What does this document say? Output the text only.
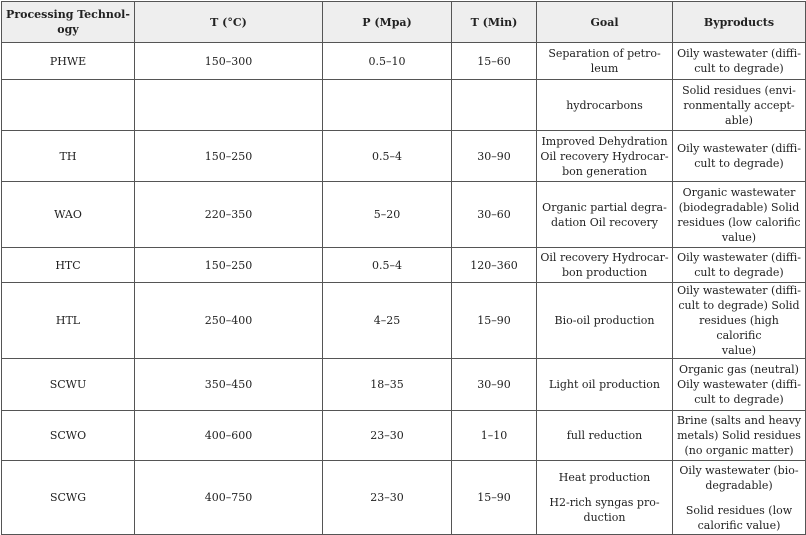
Processing Technol-ogy	T (°C)	P (Mpa)	T (Min)	Goal	Byproducts
PHWE	150–300	0.5–10	15–60	Separation of petro-
leum	Oily wastewater (diffi-
cult to degrade)

				hydrocarbons	Solid residues (envi-
ronmentally accept-
able)

TH	150–250	0.5–4	30–90	Improved Dehydration
Oil recovery Hydrocar-
bon generation	Oily wastewater (diffi-
cult to degrade)

WAO	220–350	5–20	30–60	Organic partial degra-
dation Oil recovery	Organic wastewater
(biodegradable) Solid
residues (low calorific
value)

HTC	150–250	0.5–4	120–360	Oil recovery Hydrocar-
bon production	Oily wastewater (diffi-
cult to degrade)

HTL	250–400	4–25	15–90	Bio-oil production	Oily wastewater (diffi-
cult to degrade) Solid
residues (high calorific
value)

SCWU	350–450	18–35	30–90	Light oil production	Organic gas (neutral)
Oily wastewater (diffi-
cult to degrade)

SCWO	400–600	23–30	1–10	full reduction	Brine (salts and heavy
metals) Solid residues
(no organic matter)

SCWG	400–750	23–30	15–90	Heat production
H2-rich syngas pro-
duction	Oily wastewater (bio-
degradable)
Solid residues (low
calorific value)
